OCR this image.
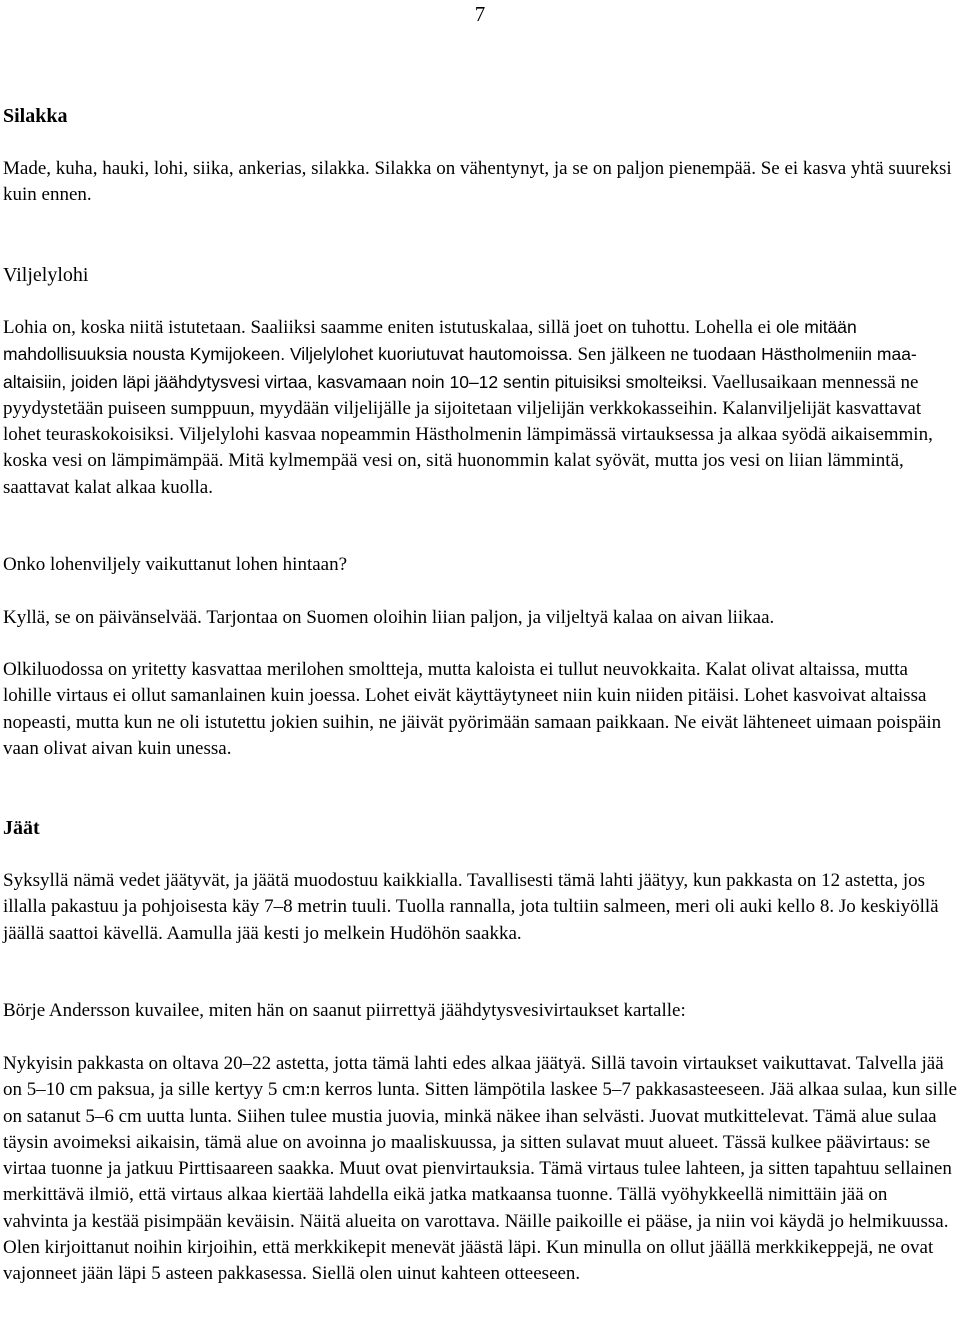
7
Silakka

Made, kuha, hauki, lohi, siika, ankerias, silakka. Silakka on vähentynyt, ja se on paljon pienempää. Se ei kasva yhtä suureksi kuin ennen.

Viljelylohi

Lohia on, koska niitä istutetaan. Saaliiksi saamme eniten istutuskalaa, sillä joet on tuhottu. Lohella ei ole mitään mahdollisuuksia nousta Kymijokeen. Viljelylohet kuoriutuvat hautomoissa. Sen jälkeen ne tuodaan Hästholmeniin maa-altaisiin, joiden läpi jäähdytysvesi virtaa, kasvamaan noin 10–12 sentin pituisiksi smolteiksi. Vaellusaikaan mennessä ne pyydystetään puiseen sumppuun, myydään viljelijälle ja sijoitetaan viljelijän verkkokasseihin. Kalanviljelijät kasvattavat lohet teuraskokoisiksi. Viljelylohi kasvaa nopeammin Hästholmenin lämpimässä virtauksessa ja alkaa syödä aikaisemmin, koska vesi on lämpimämpää. Mitä kylmempää vesi on, sitä huonommin kalat syövät, mutta jos vesi on liian lämmintä, saattavat kalat alkaa kuolla.

Onko lohenviljely vaikuttanut lohen hintaan?

Kyllä, se on päivänselvää. Tarjontaa on Suomen oloihin liian paljon, ja viljeltyä kalaa on aivan liikaa.

Olkiluodossa on yritetty kasvattaa merilohen smoltteja, mutta kaloista ei tullut neuvokkaita. Kalat olivat altaissa, mutta lohille virtaus ei ollut samanlainen kuin joessa. Lohet eivät käyttäytyneet niin kuin niiden pitäisi. Lohet kasvoivat altaissa nopeasti, mutta kun ne oli istutettu jokien suihin, ne jäivät pyörimään samaan paikkaan. Ne eivät lähteneet uimaan poispäin vaan olivat aivan kuin unessa.

Jäät

Syksyllä nämä vedet jäätyvät, ja jäätä muodostuu kaikkialla. Tavallisesti tämä lahti jäätyy, kun pakkasta on 12 astetta, jos illalla pakastuu ja pohjoisesta käy 7–8 metrin tuuli. Tuolla rannalla, jota tultiin salmeen, meri oli auki kello 8. Jo keskiyöllä jäällä saattoi kävellä. Aamulla jää kesti jo melkein Hudöhön saakka.

Börje Andersson kuvailee, miten hän on saanut piirrettyä jäähdytysvesivirtaukset kartalle:

Nykyisin pakkasta on oltava 20–22 astetta, jotta tämä lahti edes alkaa jäätyä. Sillä tavoin virtaukset vaikuttavat. Talvella jää on 5–10 cm paksua, ja sille kertyy 5 cm:n kerros lunta. Sitten lämpötila laskee 5–7 pakkasasteeseen. Jää alkaa sulaa, kun sille on satanut 5–6 cm uutta lunta. Siihen tulee mustia juovia, minkä näkee ihan selvästi. Juovat mutkittelevat. Tämä alue sulaa täysin avoimeksi aikaisin, tämä alue on avoinna jo maaliskuussa, ja sitten sulavat muut alueet. Tässä kulkee päävirtaus: se virtaa tuonne ja jatkuu Pirttisaareen saakka. Muut ovat pienvirtauksia. Tämä virtaus tulee lahteen, ja sitten tapahtuu sellainen merkittävä ilmiö, että virtaus alkaa kiertää lahdella eikä jatka matkaansa tuonne. Tällä vyöhykkeellä nimittäin jää on vahvinta ja kestää pisimpään keväisin. Näitä alueita on varottava. Näille paikoille ei pääse, ja niin voi käydä jo helmikuussa. Olen kirjoittanut noihin kirjoihin, että merkkikepit menevät jäästä läpi. Kun minulla on ollut jäällä merkkikeppejä, ne ovat vajonneet jään läpi 5 asteen pakkasessa. Siellä olen uinut kahteen otteeseen.
